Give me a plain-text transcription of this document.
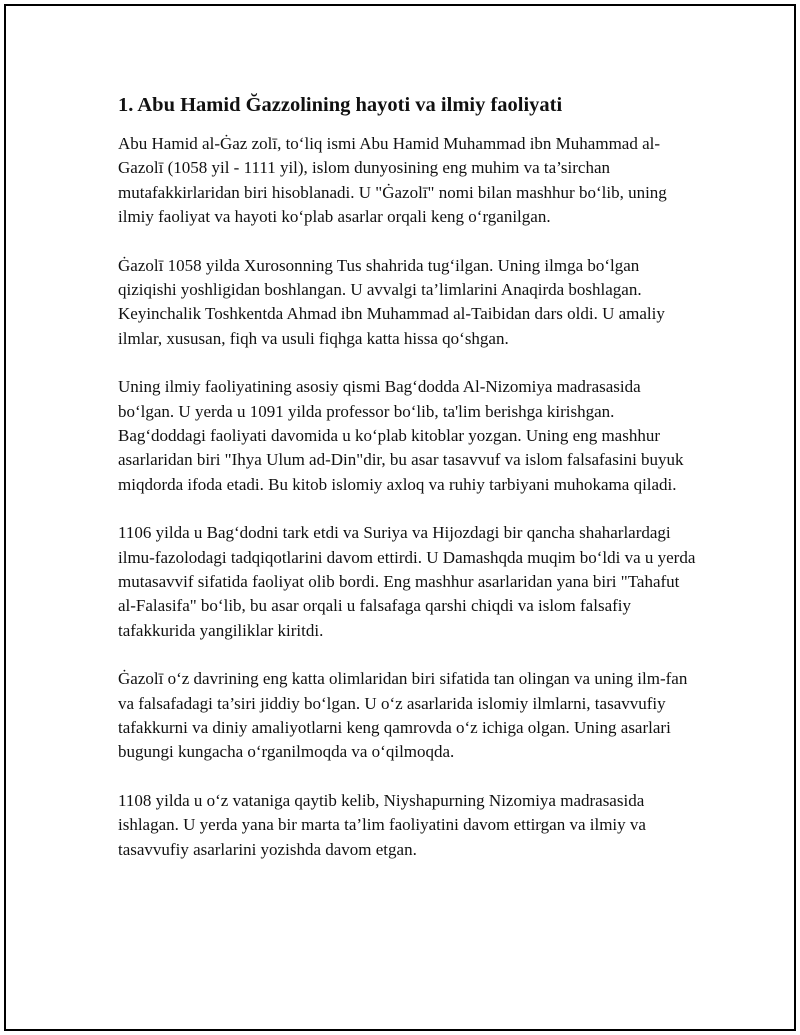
1. Abu Hamid Ğazzolining hayoti va ilmiy faoliyati

Abu Hamid al-Ġaz zolī, to‘liq ismi Abu Hamid Muhammad ibn Muhammad al-Gazolī (1058 yil - 1111 yil), islom dunyosining eng muhim va ta’sirchan mutafakkirlaridan biri hisoblanadi. U "Ġazolī" nomi bilan mashhur bo‘lib, uning ilmiy faoliyat va hayoti ko‘plab asarlar orqali keng o‘rganilgan.

Ġazolī 1058 yilda Xurosonning Tus shahrida tug‘ilgan. Uning ilmga bo‘lgan qiziqishi yoshligidan boshlangan. U avvalgi ta’limlarini Anaqirda boshlagan. Keyinchalik Toshkentda Ahmad ibn Muhammad al-Taibidan dars oldi. U amaliy ilmlar, xususan, fiqh va usuli fiqhga katta hissa qo‘shgan.

Uning ilmiy faoliyatining asosiy qismi Bag‘dodda Al-Nizomiya madrasasida bo‘lgan. U yerda u 1091 yilda professor bo‘lib, ta'lim berishga kirishgan. Bag‘doddagi faoliyati davomida u ko‘plab kitoblar yozgan. Uning eng mashhur asarlaridan biri "Ihya Ulum ad-Din"dir, bu asar tasavvuf va islom falsafasini buyuk miqdorda ifoda etadi. Bu kitob islomiy axloq va ruhiy tarbiyani muhokama qiladi.

1106 yilda u Bag‘dodni tark etdi va Suriya va Hijozdagi bir qancha shaharlardagi ilmu-fazolodagi tadqiqotlarini davom ettirdi. U Damashqda muqim bo‘ldi va u yerda mutasavvif sifatida faoliyat olib bordi. Eng mashhur asarlaridan yana biri "Tahafut al-Falasifa" bo‘lib, bu asar orqali u falsafaga qarshi chiqdi va islom falsafiy tafakkurida yangiliklar kiritdi.

Ġazolī o‘z davrining eng katta olimlaridan biri sifatida tan olingan va uning ilm-fan va falsafadagi ta’siri jiddiy bo‘lgan. U o‘z asarlarida islomiy ilmlarni, tasavvufiy tafakkurni va diniy amaliyotlarni keng qamrovda o‘z ichiga olgan. Uning asarlari bugungi kungacha o‘rganilmoqda va o‘qilmoqda.

1108 yilda u o‘z vataniga qaytib kelib, Niyshapurning Nizomiya madrasasida ishlagan. U yerda yana bir marta ta’lim faoliyatini davom ettirgan va ilmiy va tasavvufiy asarlarini yozishda davom etgan.
